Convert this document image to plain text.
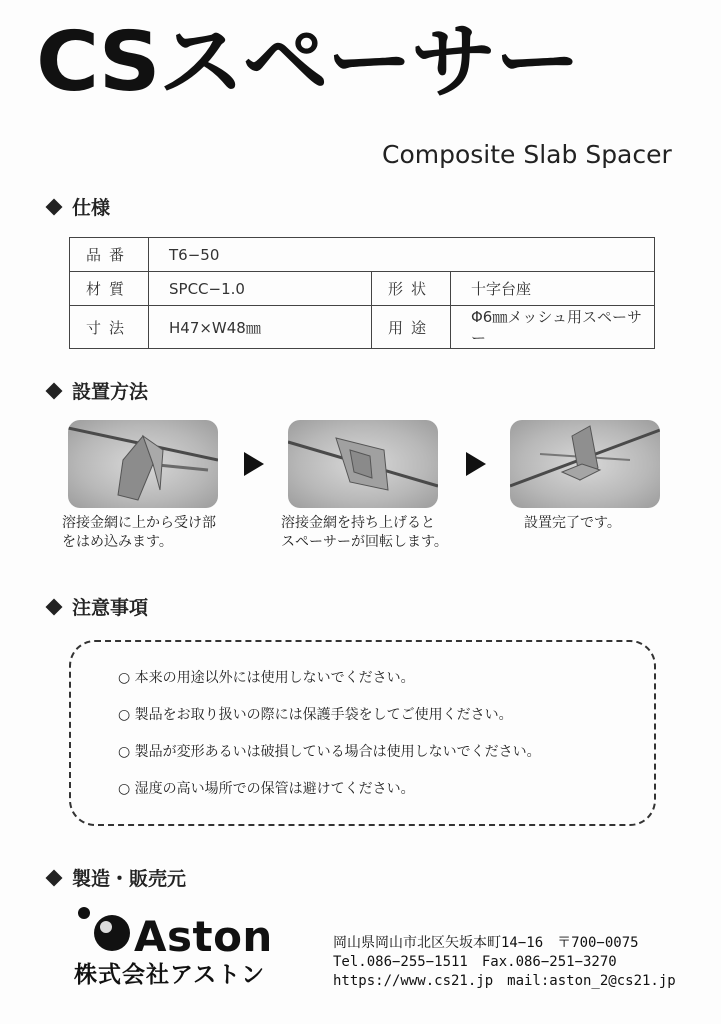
CSスペーサー
Composite Slab Spacer
仕様
品番	T6−50		
材質	SPCC−1.0	形状	十字台座
寸法	H47×W48㎜	用途	Φ6㎜メッシュ用スペーサー
設置方法
溶接金網に上から受け部
をはめ込みます。
溶接金網を持ち上げると
スペーサーが回転します。
設置完了です。
注意事項
○ 本来の用途以外には使用しないでください。
○ 製品をお取り扱いの際には保護手袋をしてご使用ください。
○ 製品が変形あるいは破損している場合は使用しないでください。
○ 湿度の高い場所での保管は避けてください。
製造・販売元
Aston
株式会社アストン
岡山県岡山市北区矢坂本町14−16　〒700−0075
Tel.086−255−1511　Fax.086−251−3270
https://www.cs21.jp　mail:aston_2@cs21.jp
